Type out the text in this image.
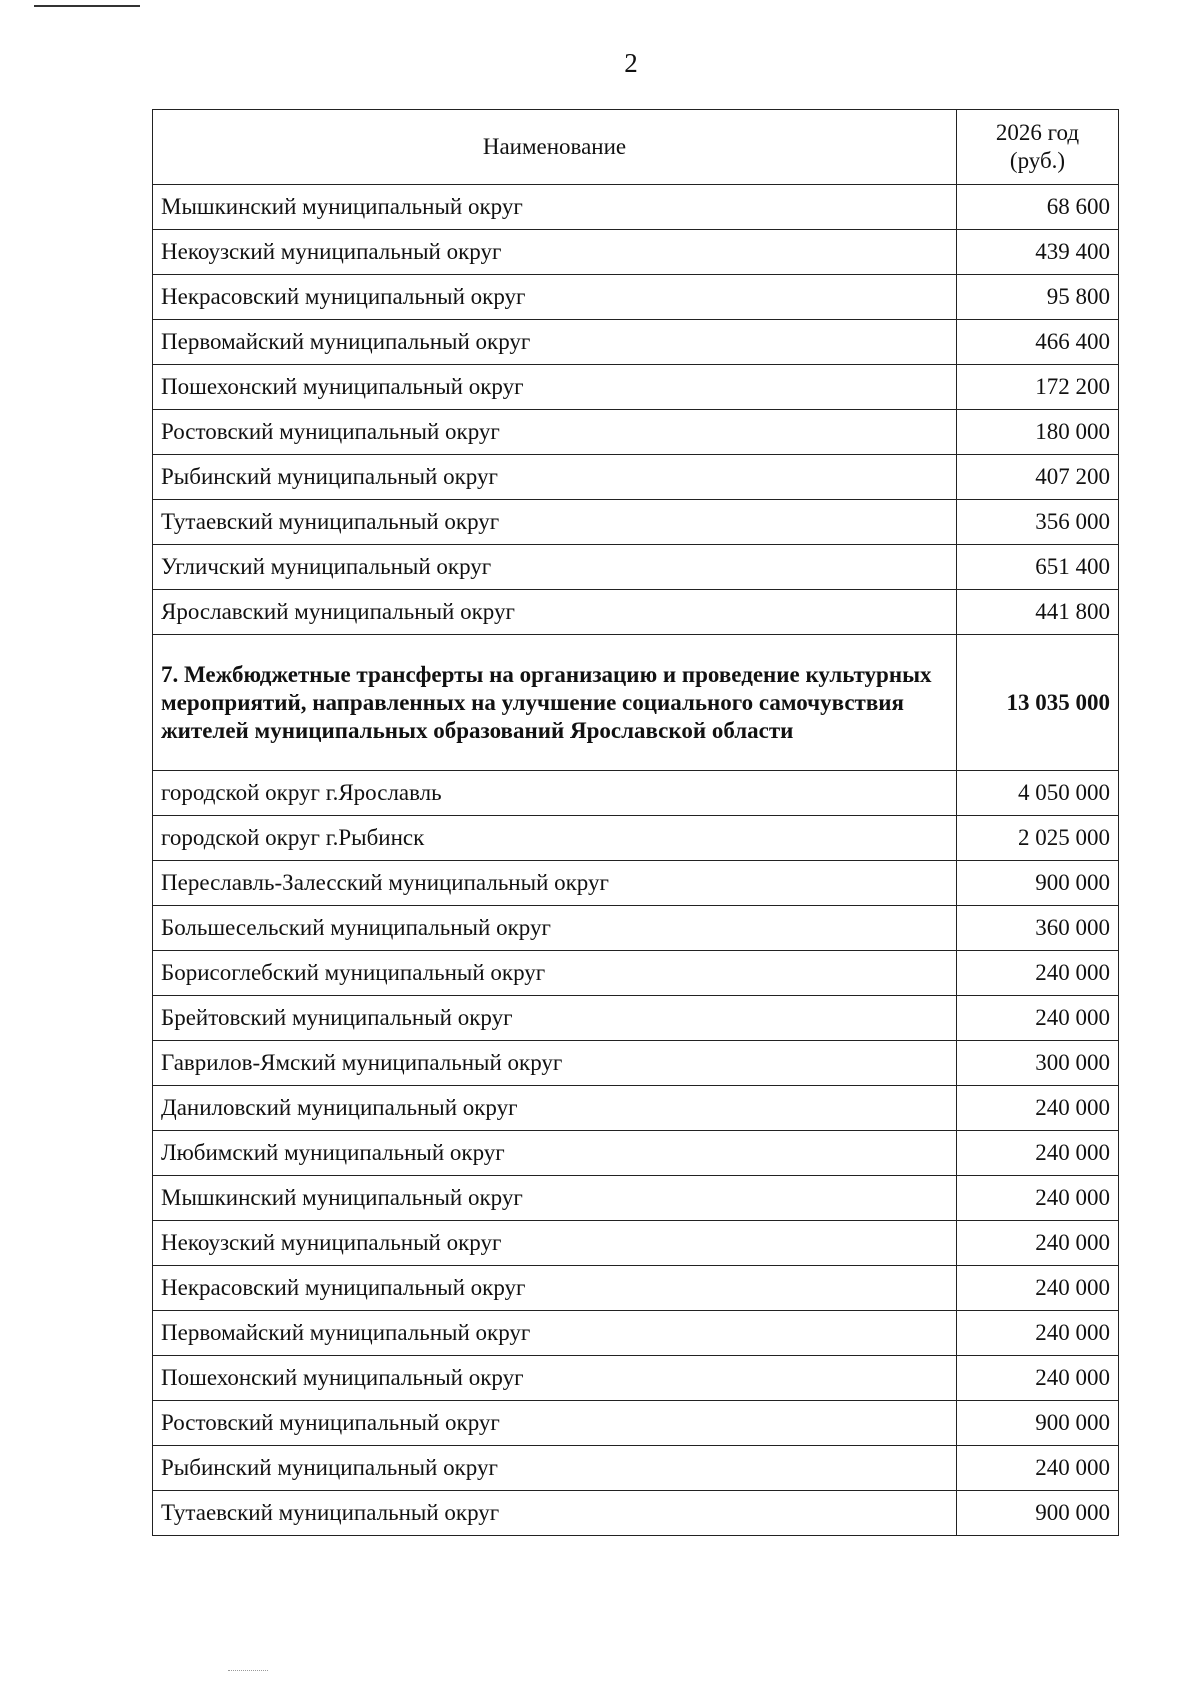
2
Наименование	2026 год
(руб.)
Мышкинский муниципальный округ	68 600
Некоузский муниципальный округ	439 400
Некрасовский муниципальный округ	95 800
Первомайский муниципальный округ	466 400
Пошехонский муниципальный округ	172 200
Ростовский муниципальный округ	180 000
Рыбинский муниципальный округ	407 200
Тутаевский муниципальный округ	356 000
Угличский муниципальный округ	651 400
Ярославский муниципальный округ	441 800
7. Межбюджетные трансферты на организацию и проведение культурных мероприятий, направленных на улучшение социального самочувствия жителей муниципальных образований Ярославской области	13 035 000
городской округ г.Ярославль	4 050 000
городской округ г.Рыбинск	2 025 000
Переславль-Залесский муниципальный округ	900 000
Большесельский муниципальный округ	360 000
Борисоглебский муниципальный округ	240 000
Брейтовский муниципальный округ	240 000
Гаврилов-Ямский муниципальный округ	300 000
Даниловский муниципальный округ	240 000
Любимский муниципальный округ	240 000
Мышкинский муниципальный округ	240 000
Некоузский муниципальный округ	240 000
Некрасовский муниципальный округ	240 000
Первомайский муниципальный округ	240 000
Пошехонский муниципальный округ	240 000
Ростовский муниципальный округ	900 000
Рыбинский муниципальный округ	240 000
Тутаевский муниципальный округ	900 000
